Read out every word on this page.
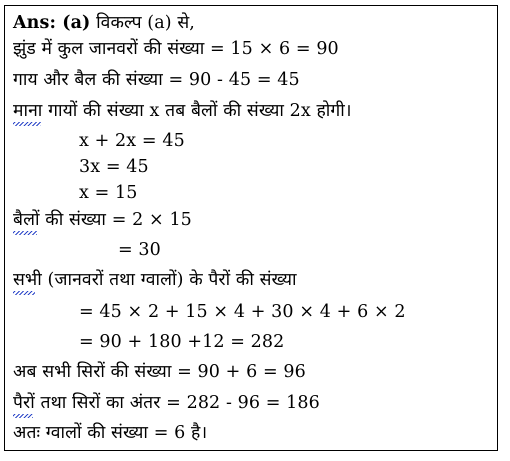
Ans: (a) विकल्प (a) से,
झुंड में कुल जानवरों की संख्या = 15 × 6 = 90
गाय और बैल की संख्या = 90 - 45 = 45
माना गायों की संख्या x तब बैलों की संख्या 2x होगी।
x + 2x = 45
3x = 45
x = 15
बैलों की संख्या = 2 × 15
= 30
सभी (जानवरों तथा ग्वालों) के पैरों की संख्या
= 45 × 2 + 15 × 4 + 30 × 4 + 6 × 2
= 90 + 180 +12 = 282
अब सभी सिरों की संख्या = 90 + 6 = 96
पैरों तथा सिरों का अंतर = 282 - 96 = 186
अतः ग्वालों की संख्या = 6 है।
